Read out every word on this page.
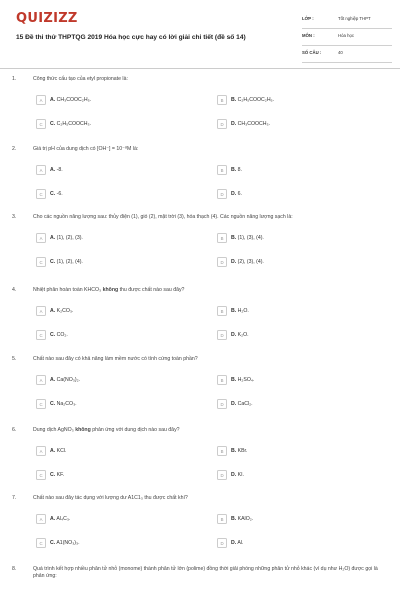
QUIZIZZ
15 Đề thi thử THPTQG 2019 Hóa học cực hay có lời giải chi tiết (đề số 14)
LỚP :	Tốt nghiệp THPT
MÔN :	Hóa học
SỐ CÂU :	40
1.	Công thức cấu tạo của etyl propionate là:
A	A. CH₃COOC₂H₅.	B	B. C₂H₅COOC₂H₅.
C	C. C₂H₅COOCH₃.	D	D. CH₃COOCH₃.
2.	Giá trị pH của dung dịch có [OH⁻] = 10⁻⁸M là:
A	A. -8.	B	B. 8.
C	C. -6.	D	D. 6.
3.	Cho các nguồn năng lượng sau: thủy điện (1), gió (2), mặt trời (3), hóa thạch (4). Các nguồn năng lượng sạch là:
A	A. (1), (2), (3).	B	B. (1), (3), (4).
C	C. (1), (2), (4).	D	D. (2), (3), (4).
4.	Nhiệt phân hoàn toàn KHCO₃ không thu được chất nào sau đây?
A	A. K₂CO₃.	B	B. H₂O.
C	C. CO₂.	D	D. K₂O.
5.	Chất nào sau đây có khả năng làm mềm nước có tính cứng toàn phần?
A	A. Ca(NO₃)₂.	B	B. H₂SO₄.
C	C. Na₂CO₃.	D	D. CaCl₂.
6.	Dung dịch AgNO₃ không phản ứng với dung dịch nào sau đây?
A	A. KCl.	B	B. KBr.
C	C. KF.	D	D. KI.
7.	Chất nào sau đây tác dụng với lượng dư A1C1₃ thu được chất khí?
A	A. Al₄C₃.	B	B. KAlO₂.
C	C. A1(NO₃)₃.	D	D. Al.
8.	Quá trình kết hợp nhiều phân tử nhỏ (monome) thành phân tử lớn (polime) đồng thời giải phóng những phân tử nhỏ khác (ví dụ như H₂O) được gọi là phản ứng:
